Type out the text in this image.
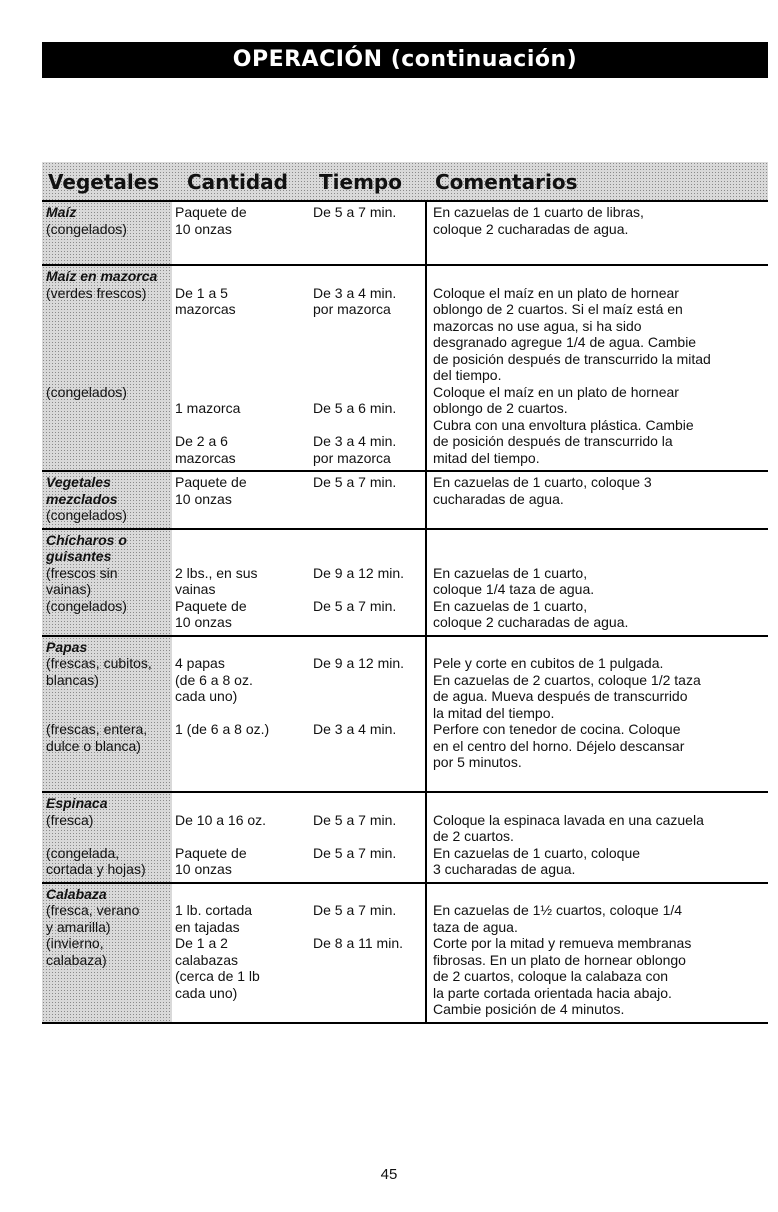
OPERACIÓN (continuación)
Vegetales Cantidad Tiempo Comentarios
Maíz
(congelados)
Paquete de
10 onzas
De 5 a 7 min.	En cazuelas de 1 cuarto de libras,
coloque 2 cucharadas de agua.
Maíz en mazorca
(verdes frescos)
(congelados)

De 1 a 5
mazorcas

1 mazorca

De 2 a 6
mazorcas

De 3 a 4 min.
por mazorca

De 5 a 6 min.

De 3 a 4 min.
por mazorca

Coloque el maíz en un plato de hornear
oblongo de 2 cuartos. Si el maíz está en
mazorcas no use agua, si ha sido
desgranado agregue 1/4 de agua. Cambie
de posición después de transcurrido la mitad
del tiempo.
Coloque el maíz en un plato de hornear
oblongo de 2 cuartos.
Cubra con una envoltura plástica. Cambie
de posición después de transcurrido la
mitad del tiempo.
Vegetales
mezclados
(congelados)
Paquete de
10 onzas
De 5 a 7 min.	En cazuelas de 1 cuarto, coloque 3
cucharadas de agua.
Chícharos o
guisantes
(frescos sin
vainas)
(congelados)

2 lbs., en sus
vainas
Paquete de
10 onzas

De 9 a 12 min.

De 5 a 7 min.

En cazuelas de 1 cuarto,
coloque 1/4 taza de agua.
En cazuelas de 1 cuarto,
coloque 2 cucharadas de agua.
Papas
(frescas, cubitos,
blancas)

(frescas, entera,
dulce o blanca)

4 papas
(de 6 a 8 oz.
cada uno)

1 (de 6 a 8 oz.)

De 9 a 12 min.

De 3 a 4 min.

Pele y corte en cubitos de 1 pulgada.
En cazuelas de 2 cuartos, coloque 1/2 taza
de agua. Mueva después de transcurrido
la mitad del tiempo.
Perfore con tenedor de cocina. Coloque
en el centro del horno. Déjelo descansar
por 5 minutos.
Espinaca
(fresca)

(congelada,
cortada y hojas)

De 10 a 16 oz.

Paquete de
10 onzas

De 5 a 7 min.

De 5 a 7 min.

Coloque la espinaca lavada en una cazuela
de 2 cuartos.
En cazuelas de 1 cuarto, coloque
3 cucharadas de agua.
Calabaza
(fresca, verano
y amarilla)
(invierno,
calabaza)

1 lb. cortada
en tajadas
De 1 a 2
calabazas
(cerca de 1 lb
cada uno)

De 5 a 7 min.

De 8 a 11 min.

En cazuelas de 1½ cuartos, coloque 1/4
taza de agua.
Corte por la mitad y remueva membranas
fibrosas. En un plato de hornear oblongo
de 2 cuartos, coloque la calabaza con
la parte cortada orientada hacia abajo.
Cambie posición de 4 minutos.
45
